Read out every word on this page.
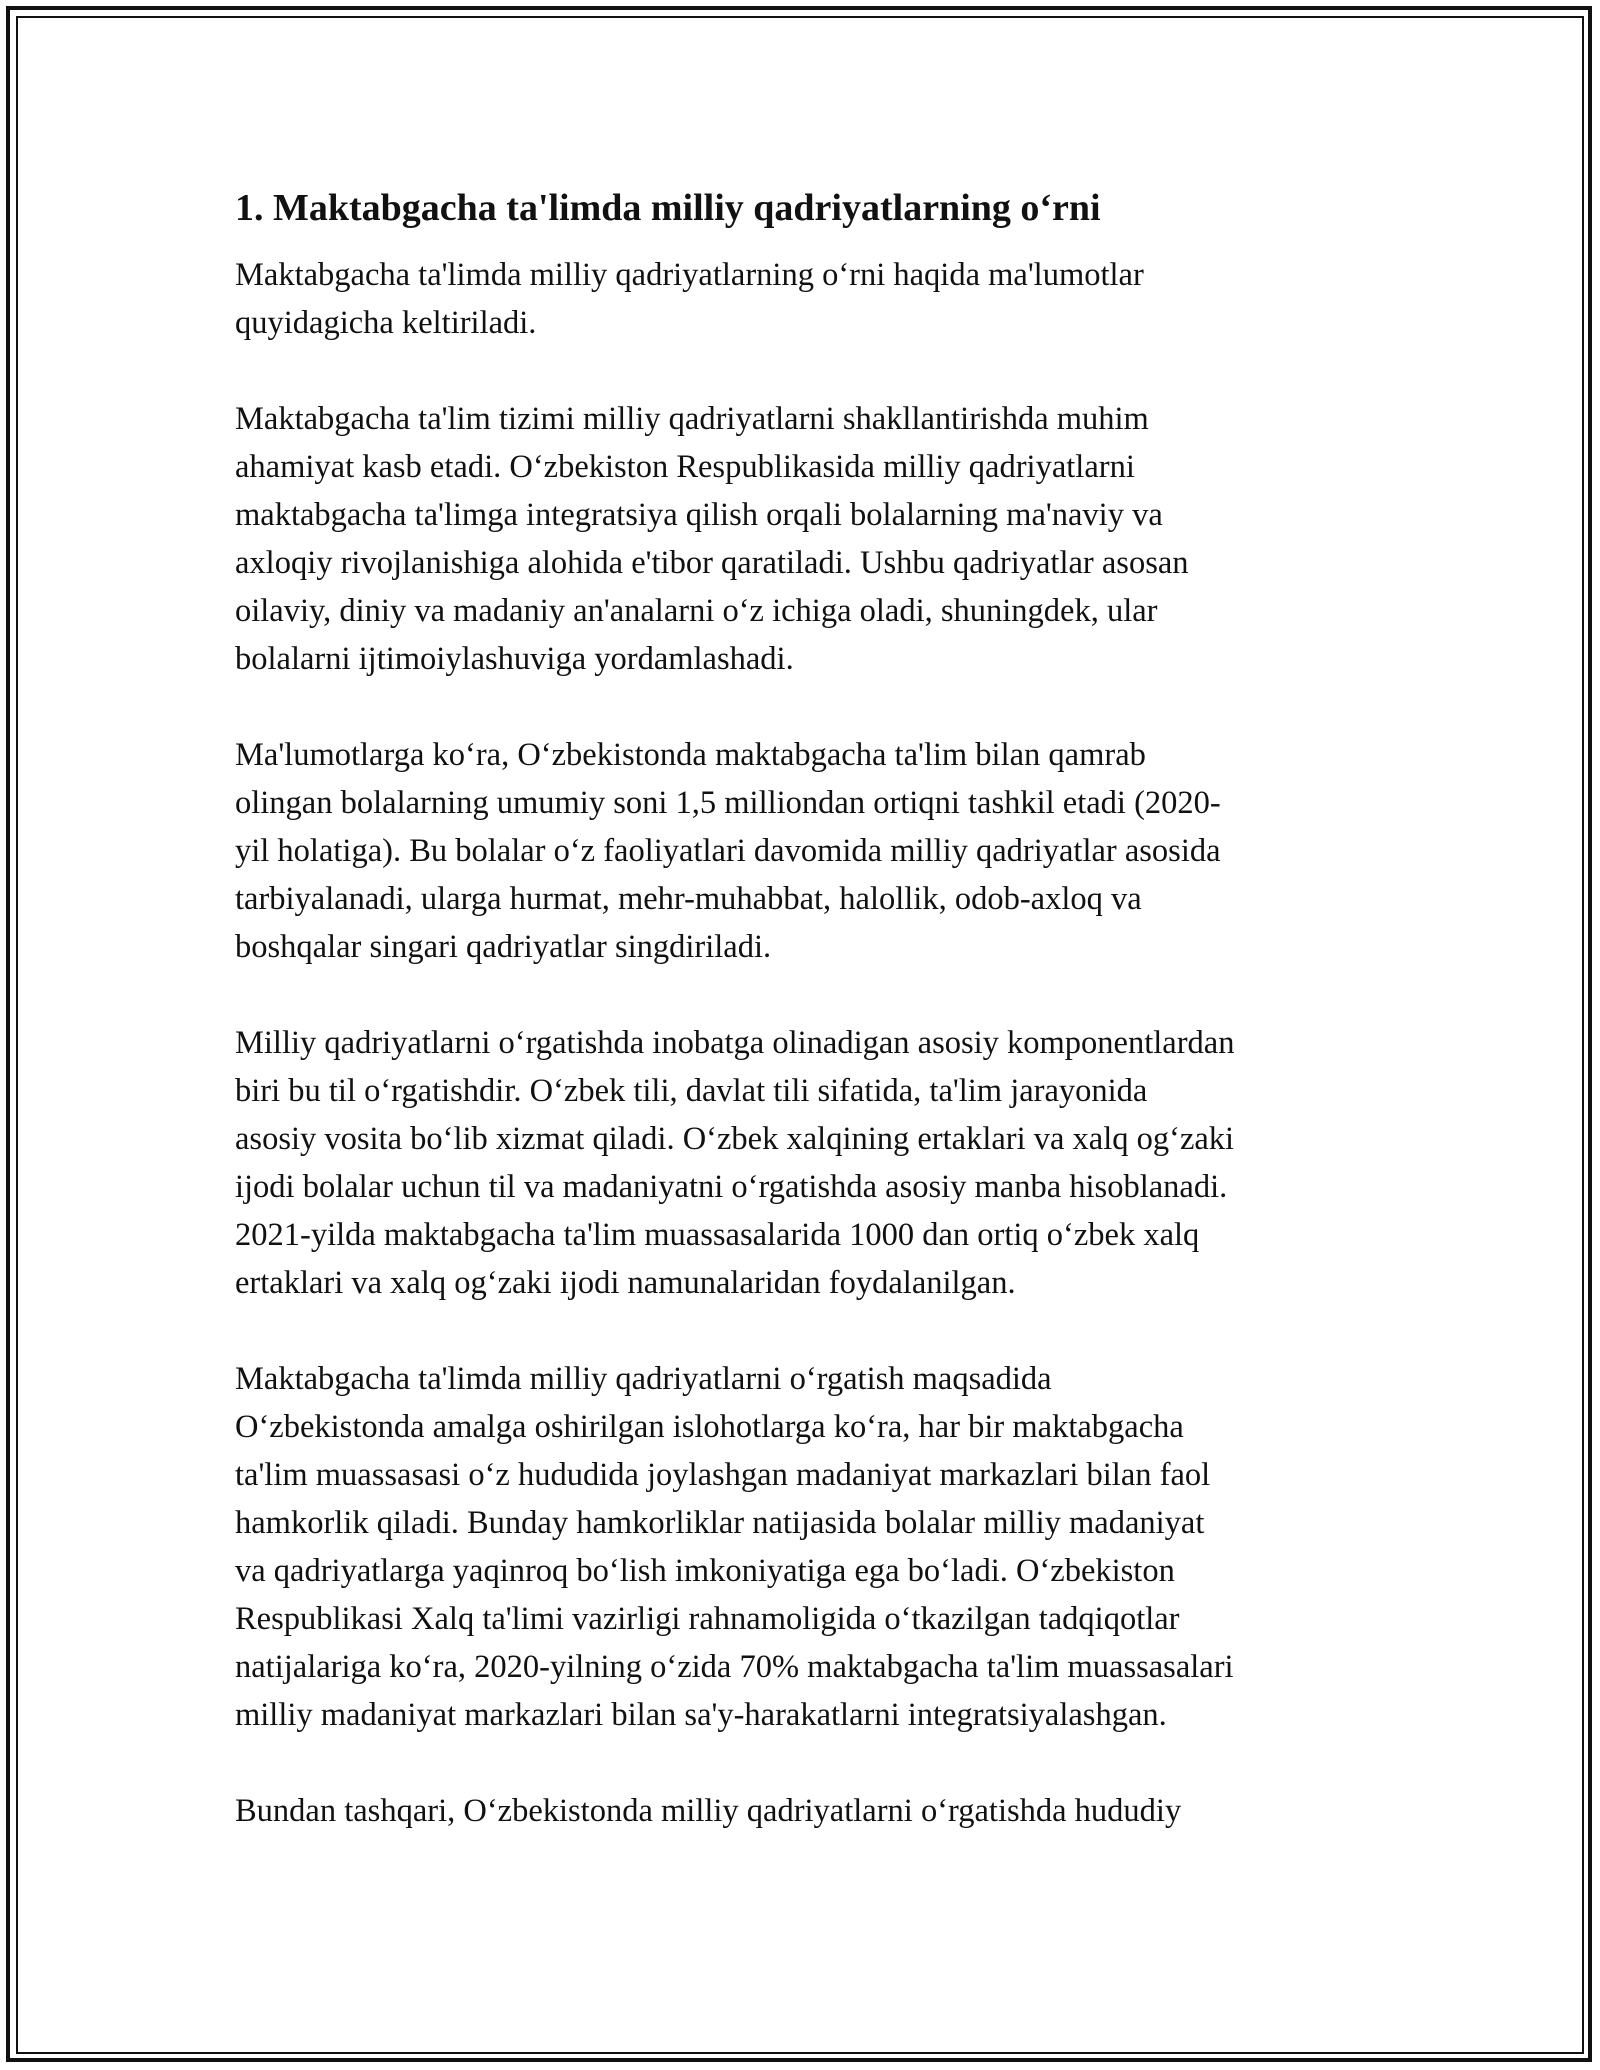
1. Maktabgacha ta'limda milliy qadriyatlarning o‘rni
Maktabgacha ta'limda milliy qadriyatlarning o‘rni haqida ma'lumotlar
quyidagicha keltiriladi.
Maktabgacha ta'lim tizimi milliy qadriyatlarni shakllantirishda muhim
ahamiyat kasb etadi. O‘zbekiston Respublikasida milliy qadriyatlarni
maktabgacha ta'limga integratsiya qilish orqali bolalarning ma'naviy va
axloqiy rivojlanishiga alohida e'tibor qaratiladi. Ushbu qadriyatlar asosan
oilaviy, diniy va madaniy an'analarni o‘z ichiga oladi, shuningdek, ular
bolalarni ijtimoiylashuviga yordamlashadi.
Ma'lumotlarga ko‘ra, O‘zbekistonda maktabgacha ta'lim bilan qamrab
olingan bolalarning umumiy soni 1,5 milliondan ortiqni tashkil etadi (2020-
yil holatiga). Bu bolalar o‘z faoliyatlari davomida milliy qadriyatlar asosida
tarbiyalanadi, ularga hurmat, mehr-muhabbat, halollik, odob-axloq va
boshqalar singari qadriyatlar singdiriladi.
Milliy qadriyatlarni o‘rgatishda inobatga olinadigan asosiy komponentlardan
biri bu til o‘rgatishdir. O‘zbek tili, davlat tili sifatida, ta'lim jarayonida
asosiy vosita bo‘lib xizmat qiladi. O‘zbek xalqining ertaklari va xalq og‘zaki
ijodi bolalar uchun til va madaniyatni o‘rgatishda asosiy manba hisoblanadi.
2021-yilda maktabgacha ta'lim muassasalarida 1000 dan ortiq o‘zbek xalq
ertaklari va xalq og‘zaki ijodi namunalaridan foydalanilgan.
Maktabgacha ta'limda milliy qadriyatlarni o‘rgatish maqsadida
O‘zbekistonda amalga oshirilgan islohotlarga ko‘ra, har bir maktabgacha
ta'lim muassasasi o‘z hududida joylashgan madaniyat markazlari bilan faol
hamkorlik qiladi. Bunday hamkorliklar natijasida bolalar milliy madaniyat
va qadriyatlarga yaqinroq bo‘lish imkoniyatiga ega bo‘ladi. O‘zbekiston
Respublikasi Xalq ta'limi vazirligi rahnamoligida o‘tkazilgan tadqiqotlar
natijalariga ko‘ra, 2020-yilning o‘zida 70% maktabgacha ta'lim muassasalari
milliy madaniyat markazlari bilan sa'y-harakatlarni integratsiyalashgan.
Bundan tashqari, O‘zbekistonda milliy qadriyatlarni o‘rgatishda hududiy
